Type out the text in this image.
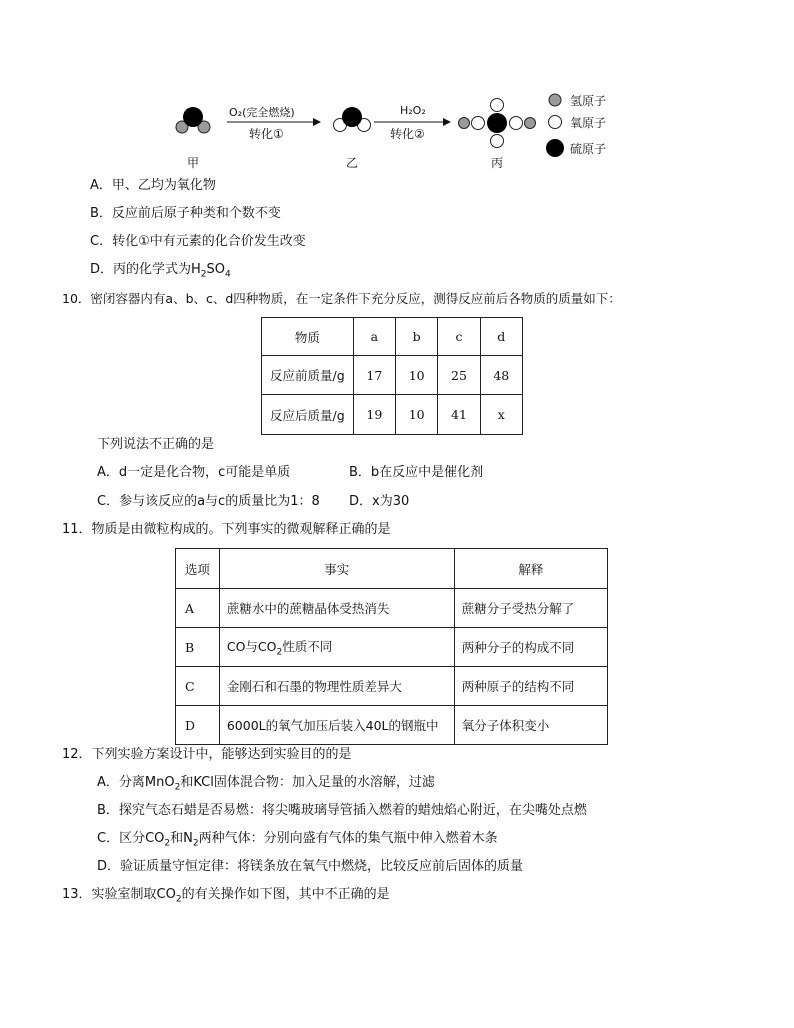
O₂(完全燃烧)
转化①
H₂O₂
转化②
甲	乙	丙
氢原子
氧原子
硫原子
A．甲、乙均为氧化物
B．反应前后原子种类和个数不变
C．转化①中有元素的化合价发生改变
D．丙的化学式为$H_2SO_4$
10．密闭容器内有a、b、c、d四种物质，在一定条件下充分反应，测得反应前后各物质的质量如下：
物质	a	b	c	d
反应前质量/g	17	10	25	48
反应后质量/g	19	10	41	x
下列说法不正确的是
A．d一定是化合物，c可能是单质	B．b在反应中是催化剂
C．参与该反应的a与c的质量比为1：8 D．x为30
11．物质是由微粒构成的。下列事实的微观解释正确的是
选项	事实	解释
A	蔗糖水中的蔗糖晶体受热消失	蔗糖分子受热分解了
B	CO与$CO_2$性质不同	两种分子的构成不同
C	金刚石和石墨的物理性质差异大	两种原子的结构不同
D	6000L的氧气加压后装入40L的钢瓶中	氧分子体积变小
12．下列实验方案设计中，能够达到实验目的的是
A．分离MnO$_2$和KCl固体混合物：加入足量的水溶解，过滤
B．探究气态石蜡是否易燃：将尖嘴玻璃导管插入燃着的蜡烛焰心附近，在尖嘴处点燃
C．区分$CO_2$和$N_2$两种气体：分别向盛有气体的集气瓶中伸入燃着木条
D．验证质量守恒定律：将镁条放在氧气中燃烧，比较反应前后固体的质量
13．实验室制取$CO_2$的有关操作如下图，其中不正确的是
